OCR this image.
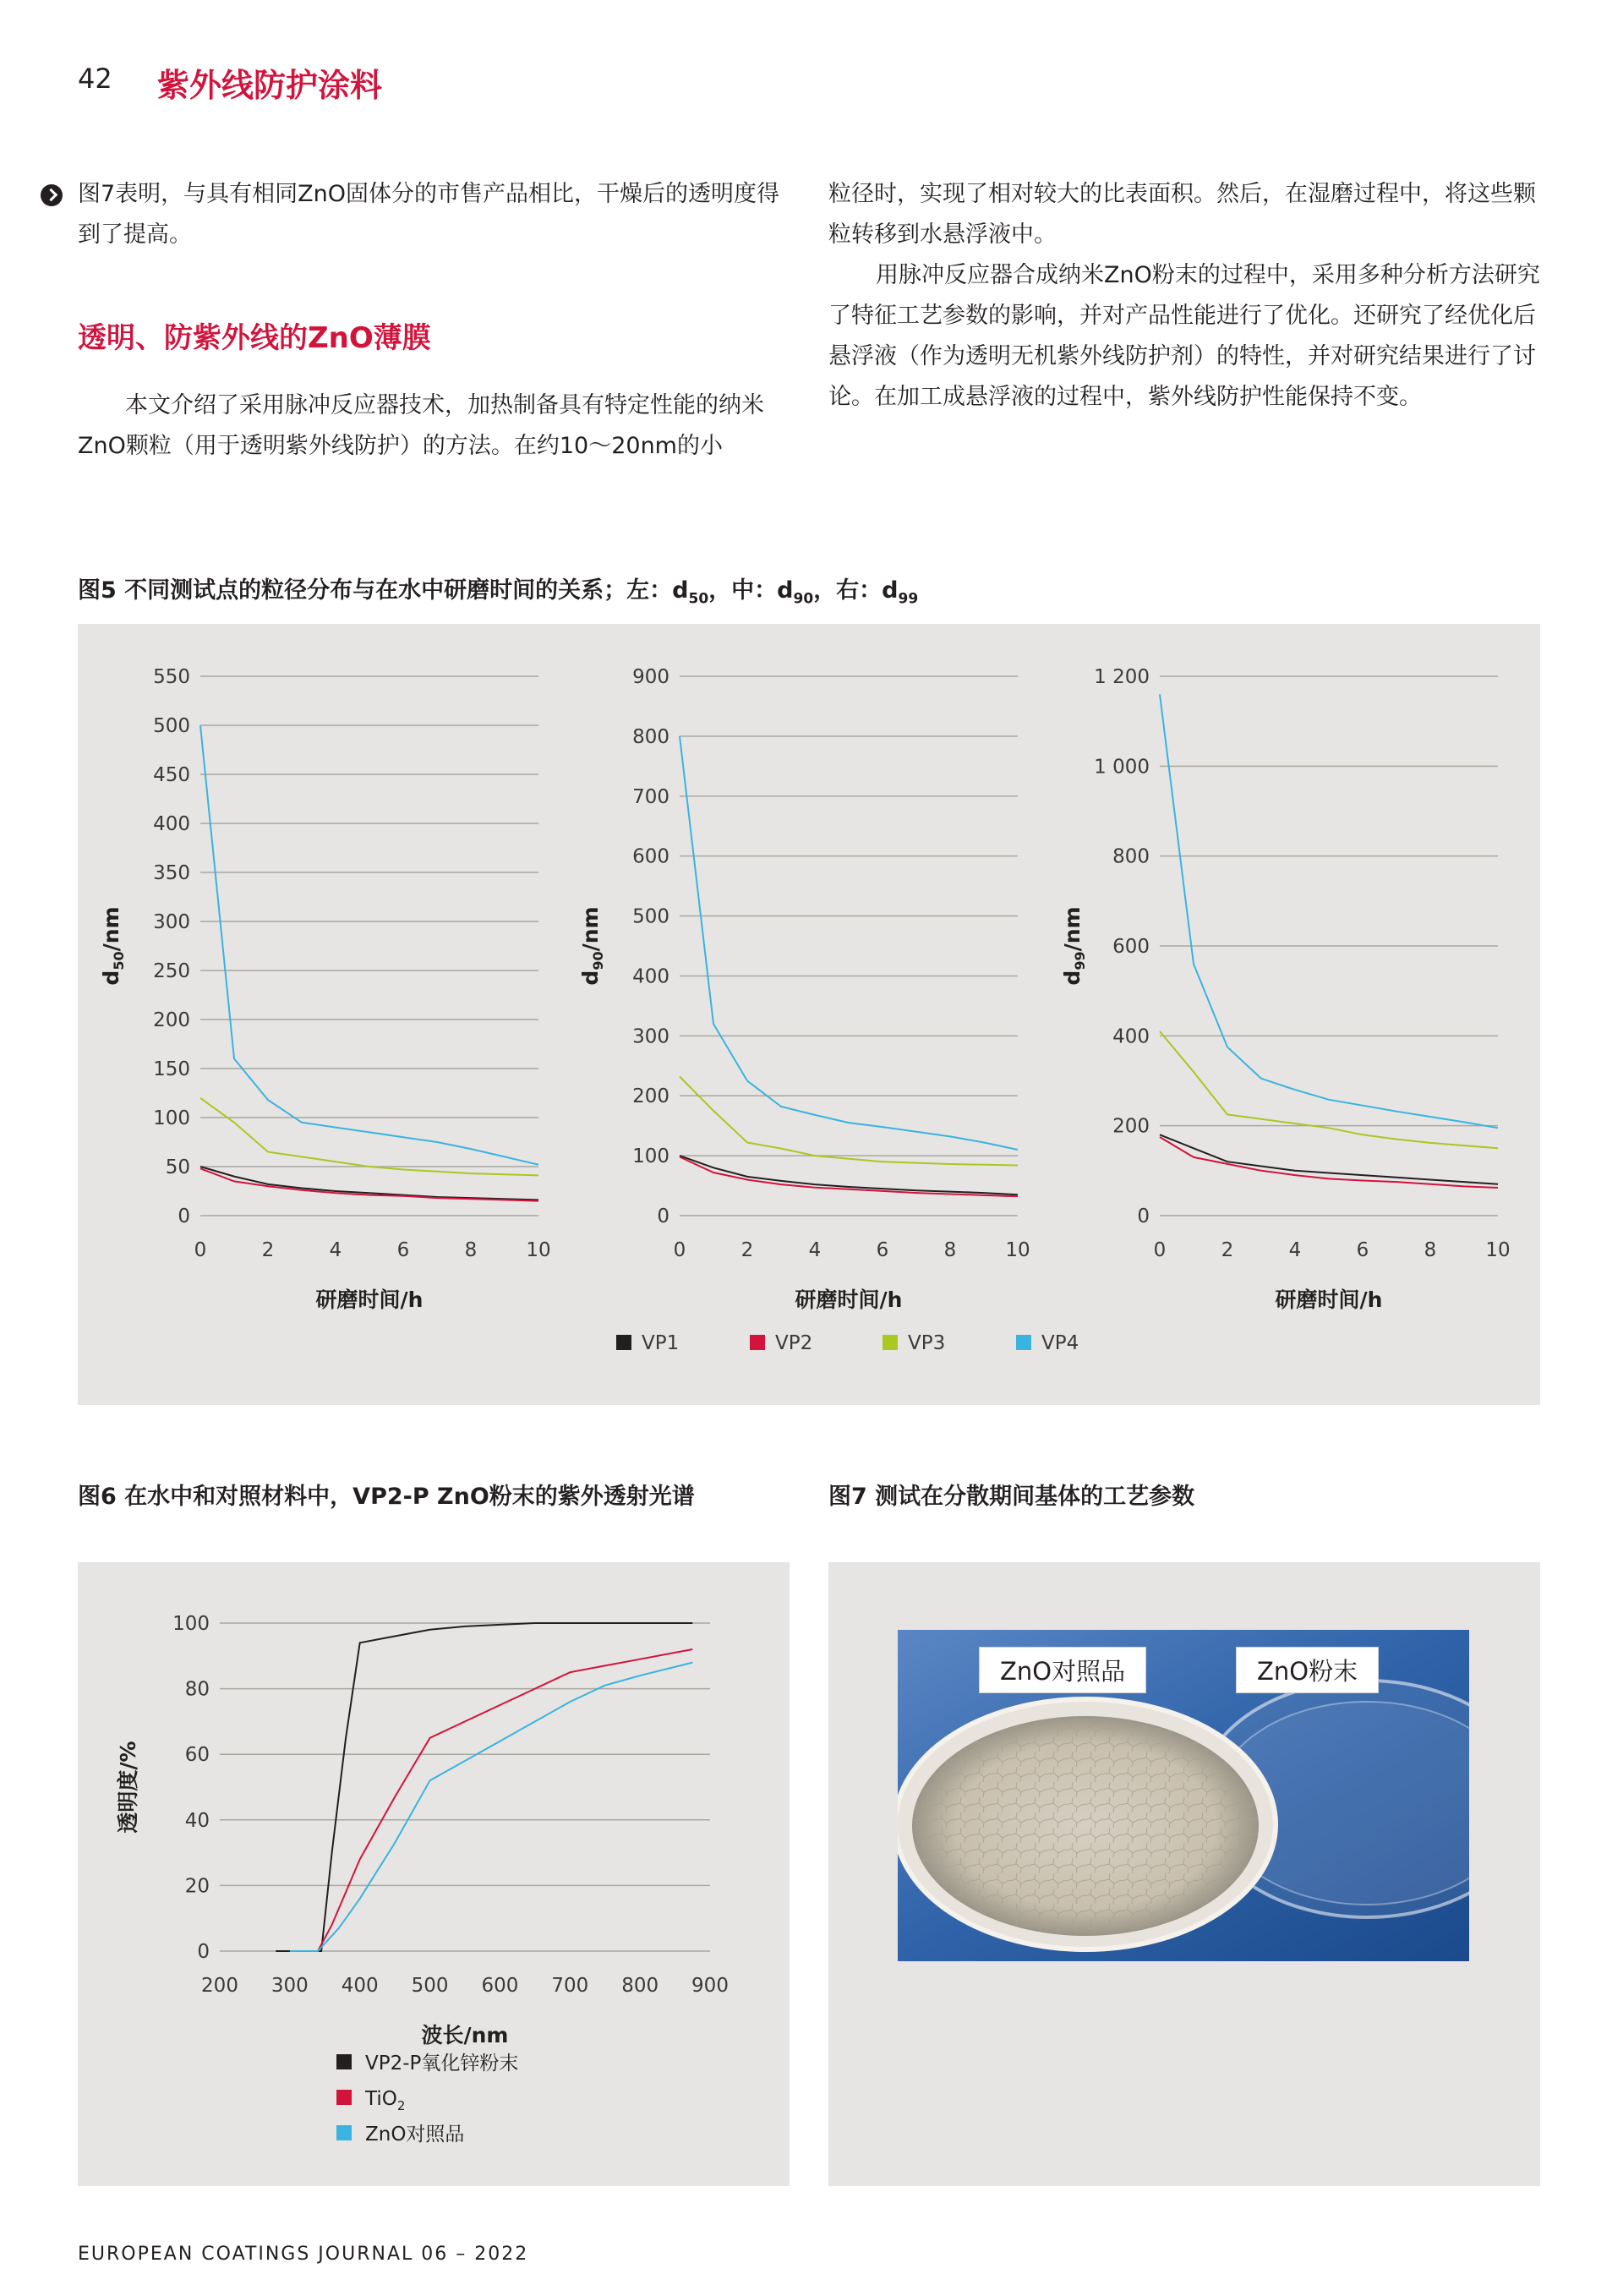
42 紫外线防护涂料

图7表明，与具有相同ZnO固体分的市售产品相比，干燥后的透明度得到了提高。

透明、防紫外线的ZnO薄膜

本文介绍了采用脉冲反应器技术，加热制备具有特定性能的纳米ZnO颗粒（用于透明紫外线防护）的方法。在约10～20nm的小

粒径时，实现了相对较大的比表面积。然后，在湿磨过程中，将这些颗粒转移到水悬浮液中。

用脉冲反应器合成纳米ZnO粉末的过程中，采用多种分析方法研究了特征工艺参数的影响，并对产品性能进行了优化。还研究了经优化后悬浮液（作为透明无机紫外线防护剂）的特性，并对研究结果进行了讨论。在加工成悬浮液的过程中，紫外线防护性能保持不变。

图5 不同测试点的粒径分布与在水中研磨时间的关系；左：$d_{50}$，中：$d_{90}$，右：$d_{99}$
0
50
100
150
200
250
300
350
400
450
500
550
0	2	4	6	8	10
研磨时间/h
$d_{50}/nm$
0
100
200
300
400
500
600
700
800
900
0	2	4	6	8	10
研磨时间/h
$d_{90}/nm$
0
200
400
600
800
1 000
1 200
0	2	4	6	8	10
研磨时间/h
$d_{99}/nm$
VP1	VP2	VP3	VP4
图6 在水中和对照材料中，VP2-P ZnO粉末的紫外透射光谱
0
20
40
60
80
100
200 300 400 500 600 700 800 900
波长/nm
透明度/%
VP2-P氧化锌粉末
TiO$_2$
ZnO对照品
图7 测试在分散期间基体的工艺参数
ZnO对照品	ZnO粉末
EUROPEAN COATINGS JOURNAL 06 – 2022
